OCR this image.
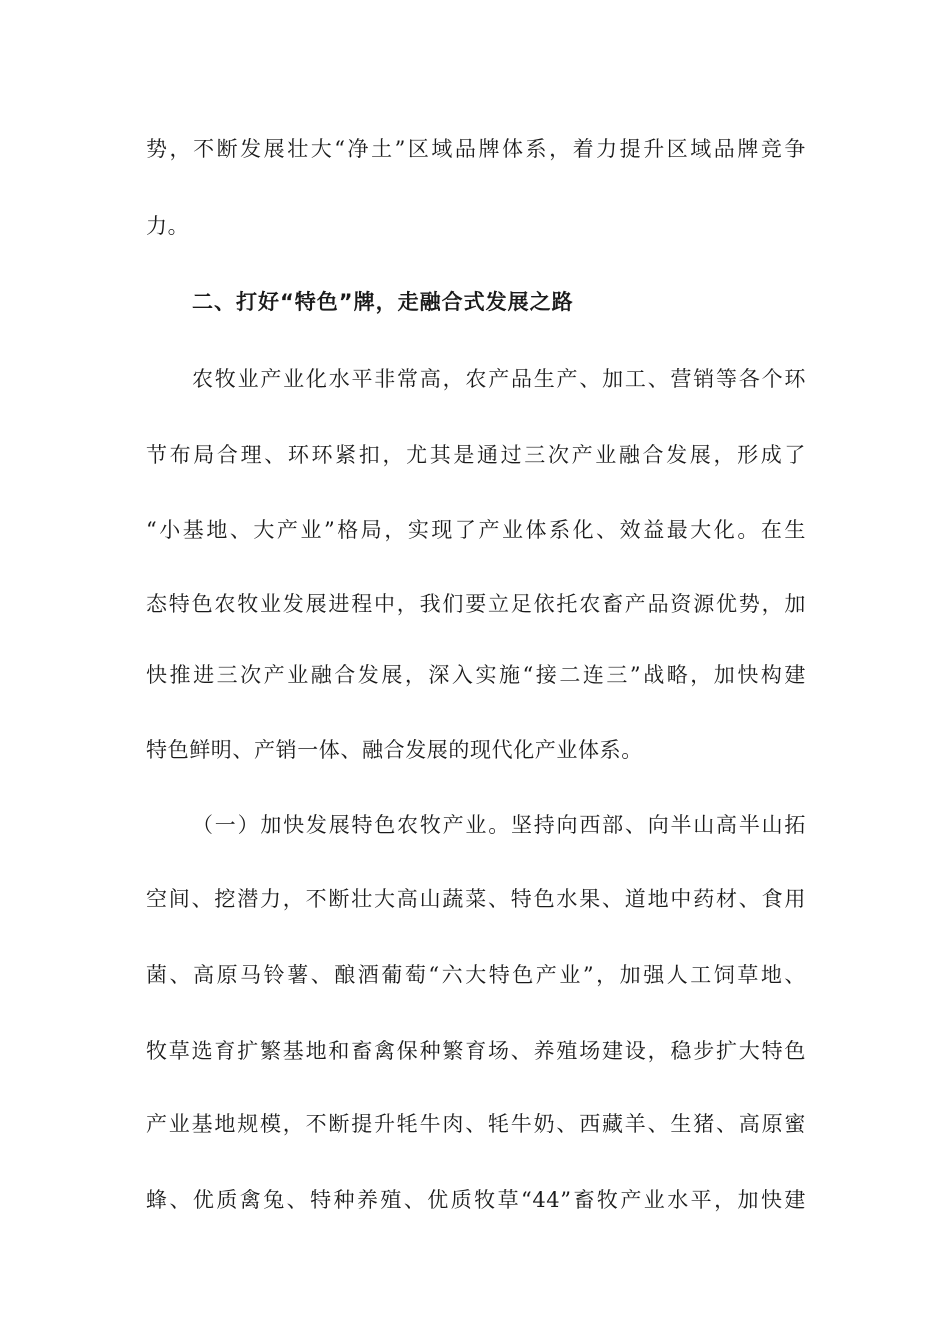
势，不断发展壮大“净土”区域品牌体系，着力提升区域品牌竞争
力。
二、打好“特色”牌，走融合式发展之路
农牧业产业化水平非常高，农产品生产、加工、营销等各个环
节布局合理、环环紧扣，尤其是通过三次产业融合发展，形成了
“小基地、大产业”格局，实现了产业体系化、效益最大化。在生
态特色农牧业发展进程中，我们要立足依托农畜产品资源优势，加
快推进三次产业融合发展，深入实施“接二连三”战略，加快构建
特色鲜明、产销一体、融合发展的现代化产业体系。
（一）加快发展特色农牧产业。坚持向西部、向半山高半山拓
空间、挖潜力，不断壮大高山蔬菜、特色水果、道地中药材、食用
菌、高原马铃薯、酿酒葡萄“六大特色产业”，加强人工饲草地、
牧草选育扩繁基地和畜禽保种繁育场、养殖场建设，稳步扩大特色
产业基地规模，不断提升牦牛肉、牦牛奶、西藏羊、生猪、高原蜜
蜂、优质禽兔、特种养殖、优质牧草“44”畜牧产业水平，加快建
